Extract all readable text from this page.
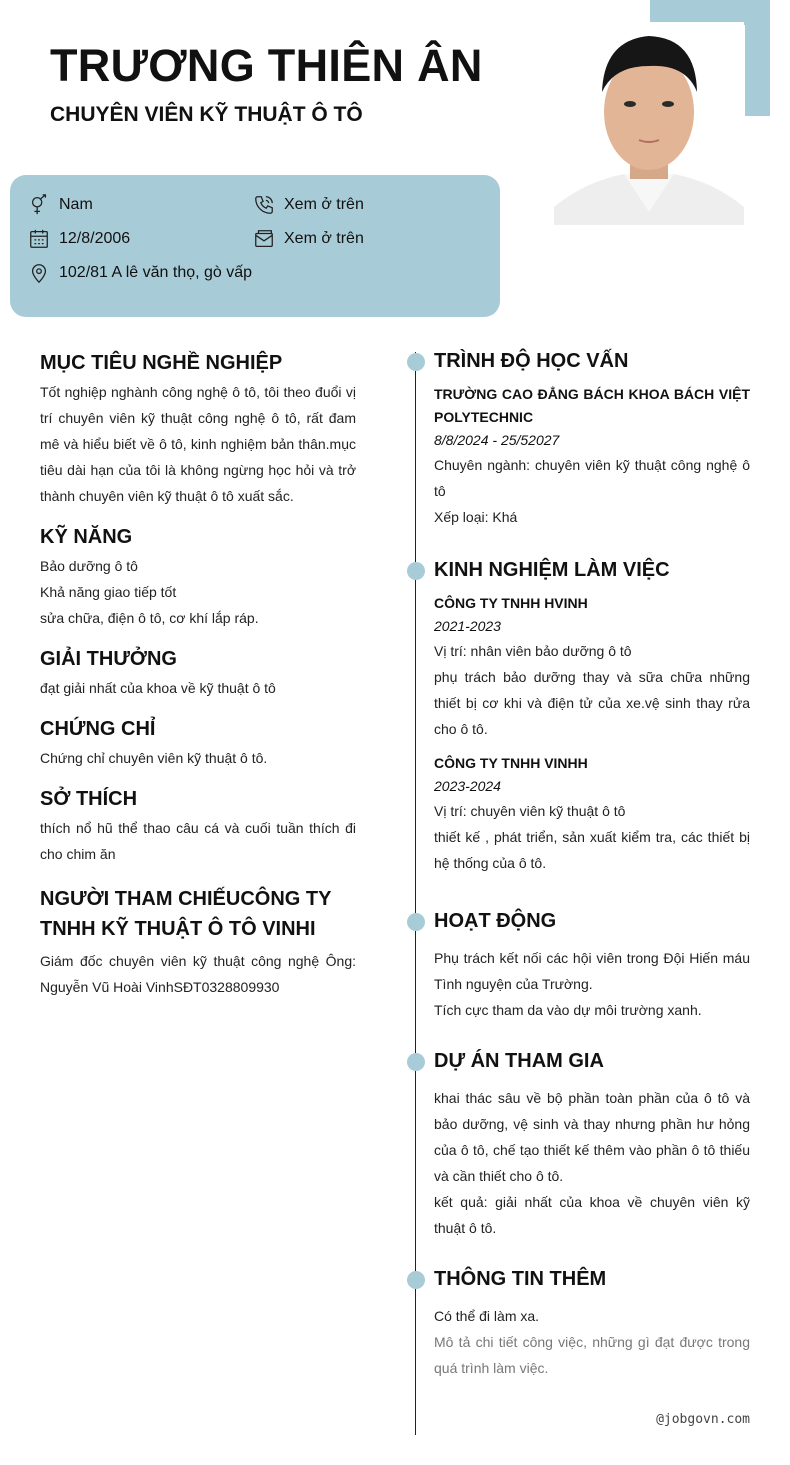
TRƯƠNG THIÊN ÂN
CHUYÊN VIÊN KỸ THUẬT Ô TÔ
Nam	Xem ở trên
12/8/2006	Xem ở trên
102/81 A lê văn thọ, gò vấp
MỤC TIÊU NGHỀ NGHIỆP
Tốt nghiệp nghành công nghệ ô tô, tôi theo đuổi vị trí chuyên viên kỹ thuật công nghệ ô tô, rất đam mê và hiểu biết về ô tô, kinh nghiệm bản thân.mục tiêu dài hạn của tôi là không ngừng học hỏi và trở thành chuyên viên kỹ thuật ô tô xuất sắc.
KỸ NĂNG
Bảo dưỡng ô tô
Khả năng giao tiếp tốt
sửa chữa, điện ô tô, cơ khí lắp ráp.
GIẢI THƯỞNG
đạt giải nhất của khoa về kỹ thuật ô tô
CHỨNG CHỈ
Chứng chỉ chuyên viên kỹ thuật ô tô.
SỞ THÍCH
thích nổ hũ thể thao câu cá và cuối tuần thích đi cho chim ăn
NGƯỜI THAM CHIẾUCÔNG TY TNHH KỸ THUẬT Ô TÔ VINHI
Giám đốc chuyên viên kỹ thuật công nghệ Ông: Nguyễn Vũ Hoài VinhSĐT0328809930
TRÌNH ĐỘ HỌC VẤN
TRƯỜNG CAO ĐẲNG BÁCH KHOA BÁCH VIỆT POLYTECHNIC
8/8/2024 - 25/52027
Chuyên ngành: chuyên viên kỹ thuật công nghệ ô tô
Xếp loại: Khá
KINH NGHIỆM LÀM VIỆC
CÔNG TY TNHH HVINH
2021-2023
Vị trí: nhân viên bảo dưỡng ô tô
phụ trách bảo dưỡng thay và sữa chữa những thiết bị cơ khi và điện tử của xe.vệ sinh thay rửa cho ô tô.
CÔNG TY TNHH VINHH
2023-2024
Vị trí: chuyên viên kỹ thuật ô tô
thiết kế , phát triển, sản xuất kiểm tra, các thiết bị hệ thống của ô tô.
HOẠT ĐỘNG
Phụ trách kết nối các hội viên trong Đội Hiến máu Tình nguyện của Trường.
Tích cực tham da vào dự môi trường xanh.
DỰ ÁN THAM GIA
khai thác sâu về bộ phần toàn phần của ô tô và bảo dưỡng, vệ sinh và thay nhưng phần hư hỏng của ô tô, chế tạo thiết kế thêm vào phần ô tô thiếu và cần thiết cho ô tô.
kết quả: giải nhất của khoa về chuyên viên kỹ thuật ô tô.
THÔNG TIN THÊM
Có thể đi làm xa.
Mô tả chi tiết công việc, những gì đạt được trong quá trình làm việc.
@jobgovn.com
